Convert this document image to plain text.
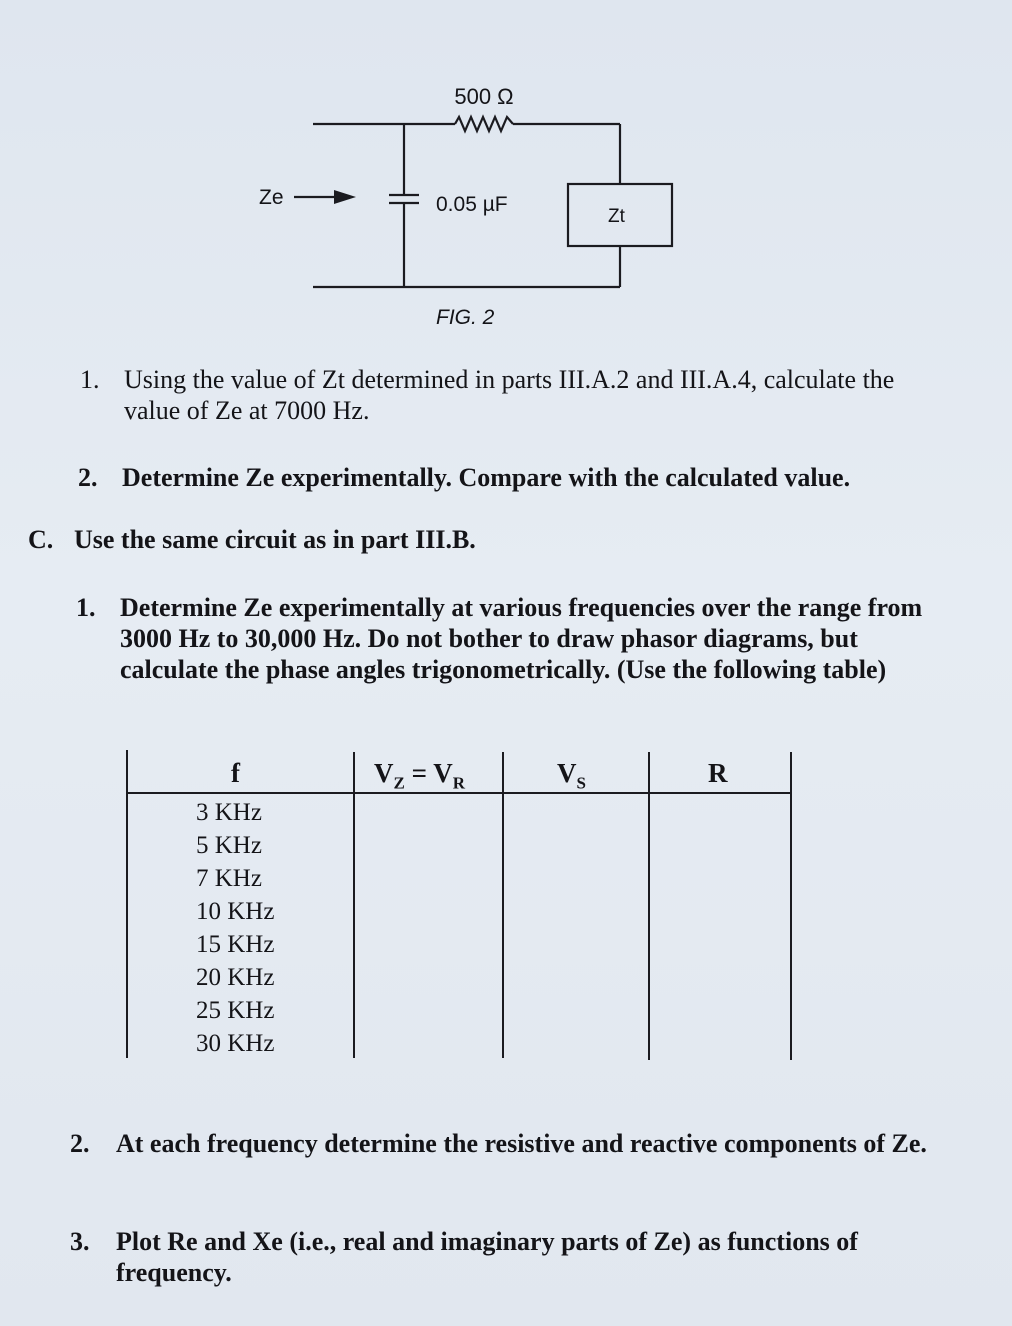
500 Ω
0.05 µF
Ze
Zt
FIG. 2
1. Using the value of Zt determined in parts III.A.2 and III.A.4, calculate the value of Ze at 7000 Hz.
2. Determine Ze experimentally. Compare with the calculated value.
C. Use the same circuit as in part III.B.
1. Determine Ze experimentally at various frequencies over the range from 3000 Hz to 30,000 Hz. Do not bother to draw phasor diagrams, but calculate the phase angles trigonometrically. (Use the following table)
f	$V_Z = V_R$	$V_S$	R
3 KHz
5 KHz
7 KHz
10 KHz
15 KHz
20 KHz
25 KHz
30 KHz
2. At each frequency determine the resistive and reactive components of Ze.
3. Plot Re and Xe (i.e., real and imaginary parts of Ze) as functions of frequency.
